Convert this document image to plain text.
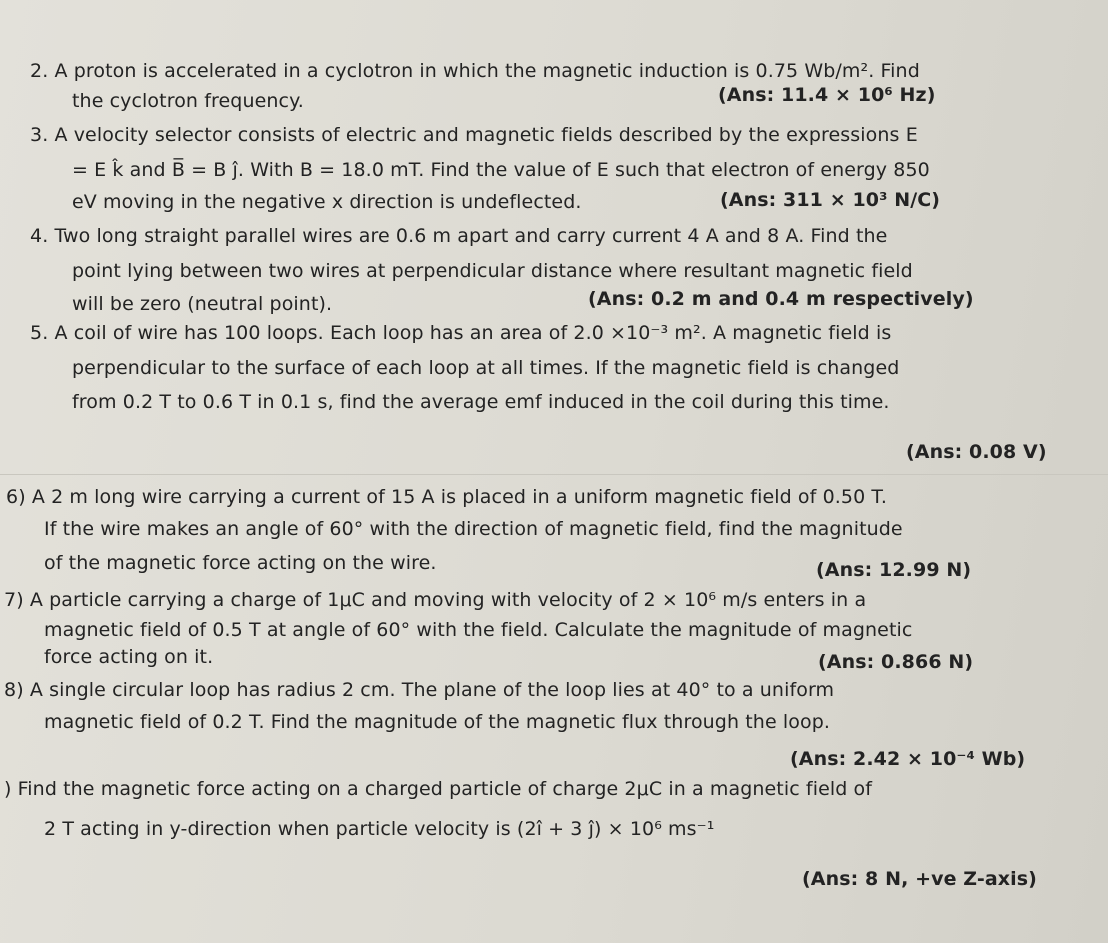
2. A proton is accelerated in a cyclotron in which the magnetic induction is 0.75 Wb/m². Find
the cyclotron frequency.	(Ans: 11.4 × 10⁶ Hz)
3. A velocity selector consists of electric and magnetic fields described by the expressions E
= E k̂ and B̅ = B ĵ. With B = 18.0 mT. Find the value of E such that electron of energy 850
eV moving in the negative x direction is undeflected.	(Ans: 311 × 10³ N/C)
4. Two long straight parallel wires are 0.6 m apart and carry current 4 A and 8 A. Find the
point lying between two wires at perpendicular distance where resultant magnetic field
will be zero (neutral point).	(Ans: 0.2 m and 0.4 m respectively)
5. A coil of wire has 100 loops. Each loop has an area of 2.0 ×10⁻³ m². A magnetic field is
perpendicular to the surface of each loop at all times. If the magnetic field is changed
from 0.2 T to 0.6 T in 0.1 s, find the average emf induced in the coil during this time.
(Ans: 0.08 V)
6) A 2 m long wire carrying a current of 15 A is placed in a uniform magnetic field of 0.50 T.
If the wire makes an angle of 60° with the direction of magnetic field, find the magnitude
of the magnetic force acting on the wire.	(Ans: 12.99 N)
7) A particle carrying a charge of 1μC and moving with velocity of 2 × 10⁶ m/s enters in a
magnetic field of 0.5 T at angle of 60° with the field. Calculate the magnitude of magnetic
force acting on it.	(Ans: 0.866 N)
8) A single circular loop has radius 2 cm. The plane of the loop lies at 40° to a uniform
magnetic field of 0.2 T. Find the magnitude of the magnetic flux through the loop.
(Ans: 2.42 × 10⁻⁴ Wb)
) Find the magnetic force acting on a charged particle of charge 2μC in a magnetic field of
2 T acting in y-direction when particle velocity is (2î + 3 ĵ) × 10⁶ ms⁻¹
(Ans: 8 N, +ve Z-axis)
